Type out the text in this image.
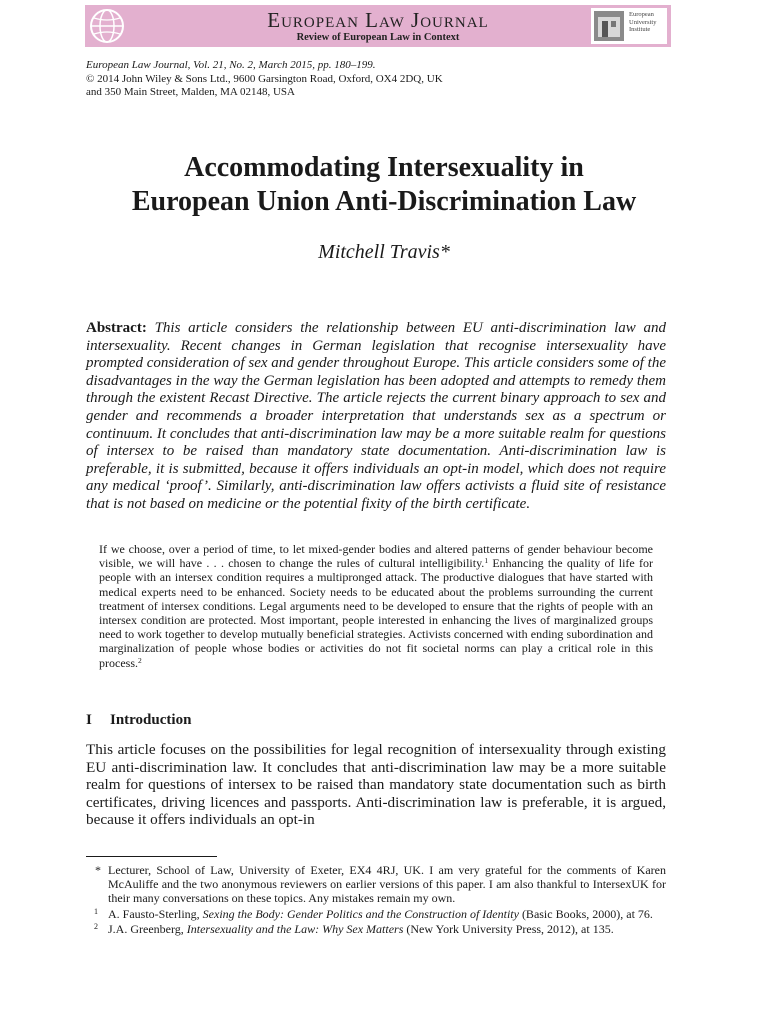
European Law Journal
Review of European Law in Context
European University Institute
European Law Journal, Vol. 21, No. 2, March 2015, pp. 180–199.
© 2014 John Wiley & Sons Ltd., 9600 Garsington Road, Oxford, OX4 2DQ, UK
and 350 Main Street, Malden, MA 02148, USA
Accommodating Intersexuality in
European Union Anti-Discrimination Law
Mitchell Travis*

Abstract: This article considers the relationship between EU anti-discrimination law and intersexuality. Recent changes in German legislation that recognise intersexuality have prompted consideration of sex and gender throughout Europe. This article considers some of the disadvantages in the way the German legislation has been adopted and attempts to remedy them through the existent Recast Directive. The article rejects the current binary approach to sex and gender and recommends a broader interpretation that understands sex as a spectrum or continuum. It concludes that anti-discrimination law may be a more suitable realm for questions of intersex to be raised than mandatory state documentation. Anti-discrimination law is preferable, it is submitted, because it offers individuals an opt-in model, which does not require any medical ‘proof’. Similarly, anti-discrimination law offers activists a fluid site of resistance that is not based on medicine or the potential fixity of the birth certificate.

If we choose, over a period of time, to let mixed-gender bodies and altered patterns of gender behaviour become visible, we will have . . . chosen to change the rules of cultural intelligibility.$^1$ Enhancing the quality of life for people with an intersex condition requires a multipronged attack. The productive dialogues that have started with medical experts need to be enhanced. Society needs to be educated about the problems surrounding the current treatment of intersex conditions. Legal arguments need to be developed to ensure that the rights of people with an intersex condition are protected. Most important, people interested in enhancing the lives of marginalized groups need to work together to develop mutually beneficial strategies. Activists concerned with ending subordination and marginalization of people whose bodies or activities do not fit societal norms can play a critical role in this process.$^2$

I Introduction

This article focuses on the possibilities for legal recognition of intersexuality through existing EU anti-discrimination law. It concludes that anti-discrimination law may be a more suitable realm for questions of intersex to be raised than mandatory state documentation such as birth certificates, driving licences and passports. Anti-discrimination law is preferable, it is argued, because it offers individuals an opt-in

* Lecturer, School of Law, University of Exeter, EX4 4RJ, UK. I am very grateful for the comments of Karen McAuliffe and the two anonymous reviewers on earlier versions of this paper. I am also thankful to IntersexUK for their many conversations on these topics. Any mistakes remain my own.

1 A. Fausto-Sterling, Sexing the Body: Gender Politics and the Construction of Identity (Basic Books, 2000), at 76.

2 J.A. Greenberg, Intersexuality and the Law: Why Sex Matters (New York University Press, 2012), at 135.
